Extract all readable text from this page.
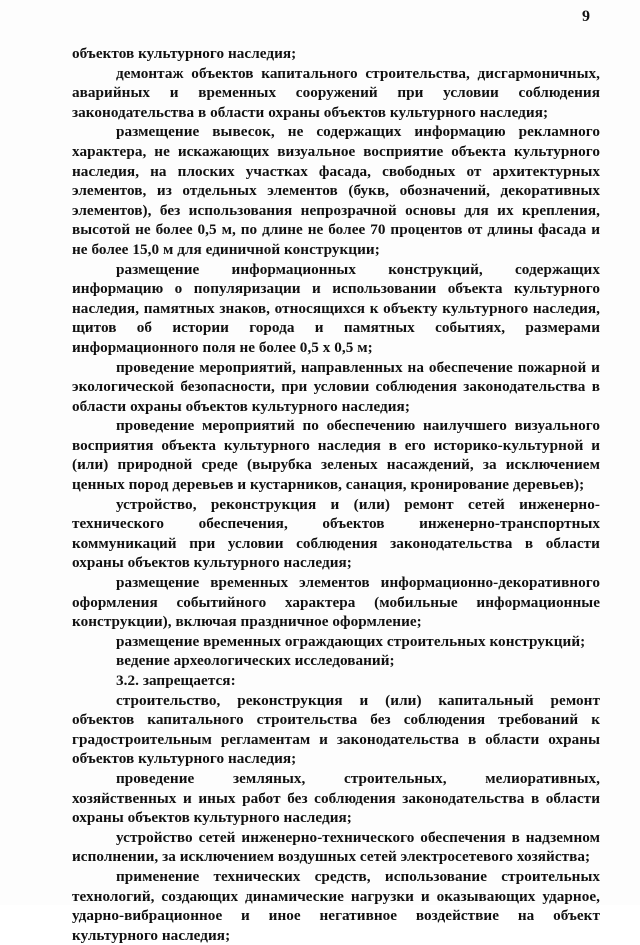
9

объектов культурного наследия;

демонтаж объектов капитального строительства, дисгармоничных, аварийных и временных сооружений при условии соблюдения законодательства в области охраны объектов культурного наследия;

размещение вывесок, не содержащих информацию рекламного характера, не искажающих визуальное восприятие объекта культурного наследия, на плоских участках фасада, свободных от архитектурных элементов, из отдельных элементов (букв, обозначений, декоративных элементов), без использования непрозрачной основы для их крепления, высотой не более 0,5 м, по длине не более 70 процентов от длины фасада и не более 15,0 м для единичной конструкции;

размещение информационных конструкций, содержащих информацию о популяризации и использовании объекта культурного наследия, памятных знаков, относящихся к объекту культурного наследия, щитов об истории города и памятных событиях, размерами информационного поля не более 0,5 х 0,5 м;

проведение мероприятий, направленных на обеспечение пожарной и экологической безопасности, при условии соблюдения законодательства в области охраны объектов культурного наследия;

проведение мероприятий по обеспечению наилучшего визуального восприятия объекта культурного наследия в его историко-культурной и (или) природной среде (вырубка зеленых насаждений, за исключением ценных пород деревьев и кустарников, санация, кронирование деревьев);

устройство, реконструкция и (или) ремонт сетей инженерно-технического обеспечения, объектов инженерно-транспортных коммуникаций при условии соблюдения законодательства в области охраны объектов культурного наследия;

размещение временных элементов информационно-декоративного оформления событийного характера (мобильные информационные конструкции), включая праздничное оформление;

размещение временных ограждающих строительных конструкций;

ведение археологических исследований;

3.2. запрещается:

строительство, реконструкция и (или) капитальный ремонт объектов капитального строительства без соблюдения требований к градостроительным регламентам и законодательства в области охраны объектов культурного наследия;

проведение земляных, строительных, мелиоративных, хозяйственных и иных работ без соблюдения законодательства в области охраны объектов культурного наследия;

устройство сетей инженерно-технического обеспечения в надземном исполнении, за исключением воздушных сетей электросетевого хозяйства;

применение технических средств, использование строительных технологий, создающих динамические нагрузки и оказывающих ударное, ударно-вибрационное и иное негативное воздействие на объект культурного наследия;
